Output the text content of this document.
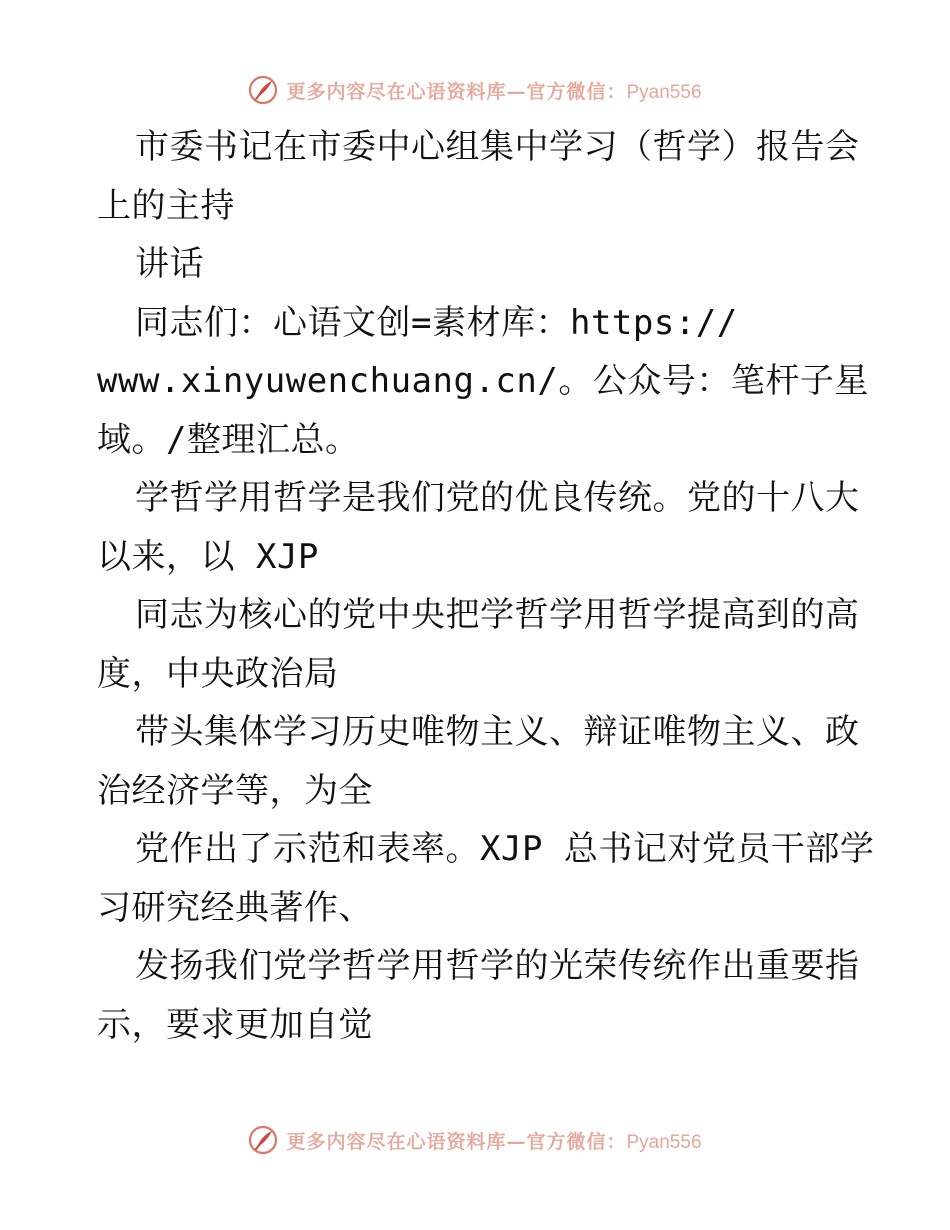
更多内容尽在心语资料库—官方微信：Pyan556
市委书记在市委中心组集中学习（哲学）报告会
上的主持
讲话
同志们：心语文创=素材库：https://
www.xinyuwenchuang.cn/。公众号：笔杆子星
域。/整理汇总。
学哲学用哲学是我们党的优良传统。党的十八大
以来，以 XJP
同志为核心的党中央把学哲学用哲学提高到的高
度，中央政治局
带头集体学习历史唯物主义、辩证唯物主义、政
治经济学等，为全
党作出了示范和表率。XJP 总书记对党员干部学
习研究经典著作、
发扬我们党学哲学用哲学的光荣传统作出重要指
示，要求更加自觉
更多内容尽在心语资料库—官方微信：Pyan556
